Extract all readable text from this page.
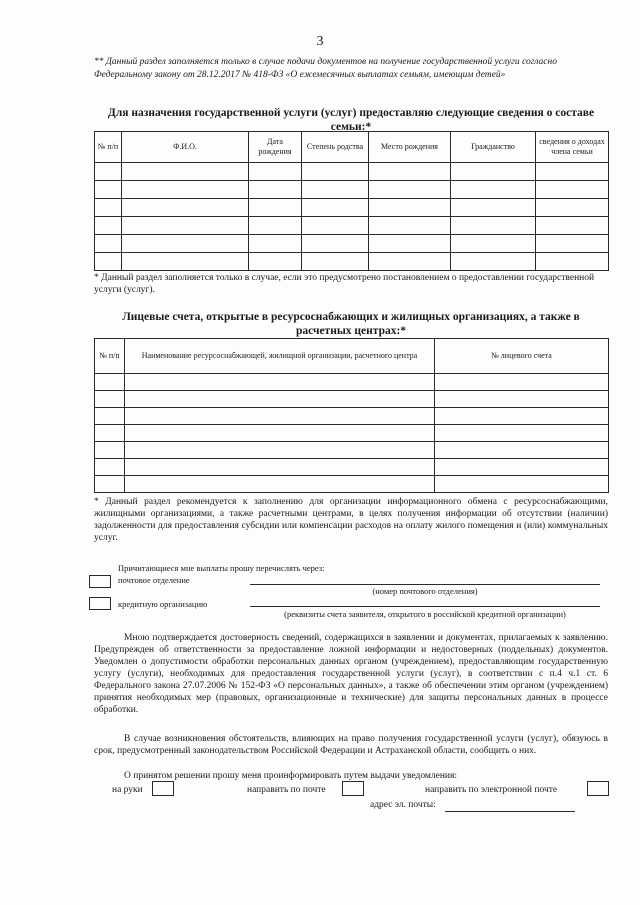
3
** Данный раздел заполняется только в случае подачи документов на получение государственной услуги согласно Федеральному закону от 28.12.2017 № 418-ФЗ «О ежемесячных выплатах семьям, имеющим детей»
Для назначения государственной услуги (услуг) предоставляю следующие сведения о составе семьи:*
№ п/п	Ф.И.О.	Дата рождения	Степень родства	Место рождения	Гражданство	сведения о доходах члена семьи

* Данный раздел заполняется только в случае, если это предусмотрено постановлением о предоставлении государственной услуги (услуг).
Лицевые счета, открытые в ресурсоснабжающих и жилищных организациях, а также в расчетных центрах:*
№ п/п	Наименование ресурсоснабжающей, жилищной организации, расчетного центра	№ лицевого счета

* Данный раздел рекомендуется к заполнению для организации информационного обмена с ресурсоснабжающими, жилищными организациями, а также расчетными центрами, в целях получения информации об отсутствии (наличии) задолженности для предоставления субсидии или компенсации расходов на оплату жилого помещения и (или) коммунальных услуг.
Причитающиеся мне выплаты прошу перечислять через:
почтовое отделение
(номер почтового отделения)
кредитную организацию
(реквизиты счета заявителя, открытого в российской кредитной организации)
Мною подтверждается достоверность сведений, содержащихся в заявлении и документах, прилагаемых к заявлению. Предупрежден об ответственности за предоставление ложной информации и недостоверных (поддельных) документов. Уведомлен о допустимости обработки персональных данных органом (учреждением), предоставляющим государственную услугу (услуги), необходимых для предоставления государственной услуги (услуг), в соответствии с п.4 ч.1 ст. 6 Федерального закона 27.07.2006 № 152-ФЗ «О персональных данных», а также об обеспечении этим органом (учреждением) принятия необходимых мер (правовых, организационные и технические) для защиты персональных данных в процессе обработки.
В случае возникновения обстоятельств, влияющих на право получения государственной услуги (услуг), обязуюсь в срок, предусмотренный законодательством Российской Федерации и Астраханской области, сообщить о них.
О принятом решении прошу меня проинформировать путем выдачи уведомления:
на руки	направить по почте	направить по электронной почте
адрес эл. почты:
